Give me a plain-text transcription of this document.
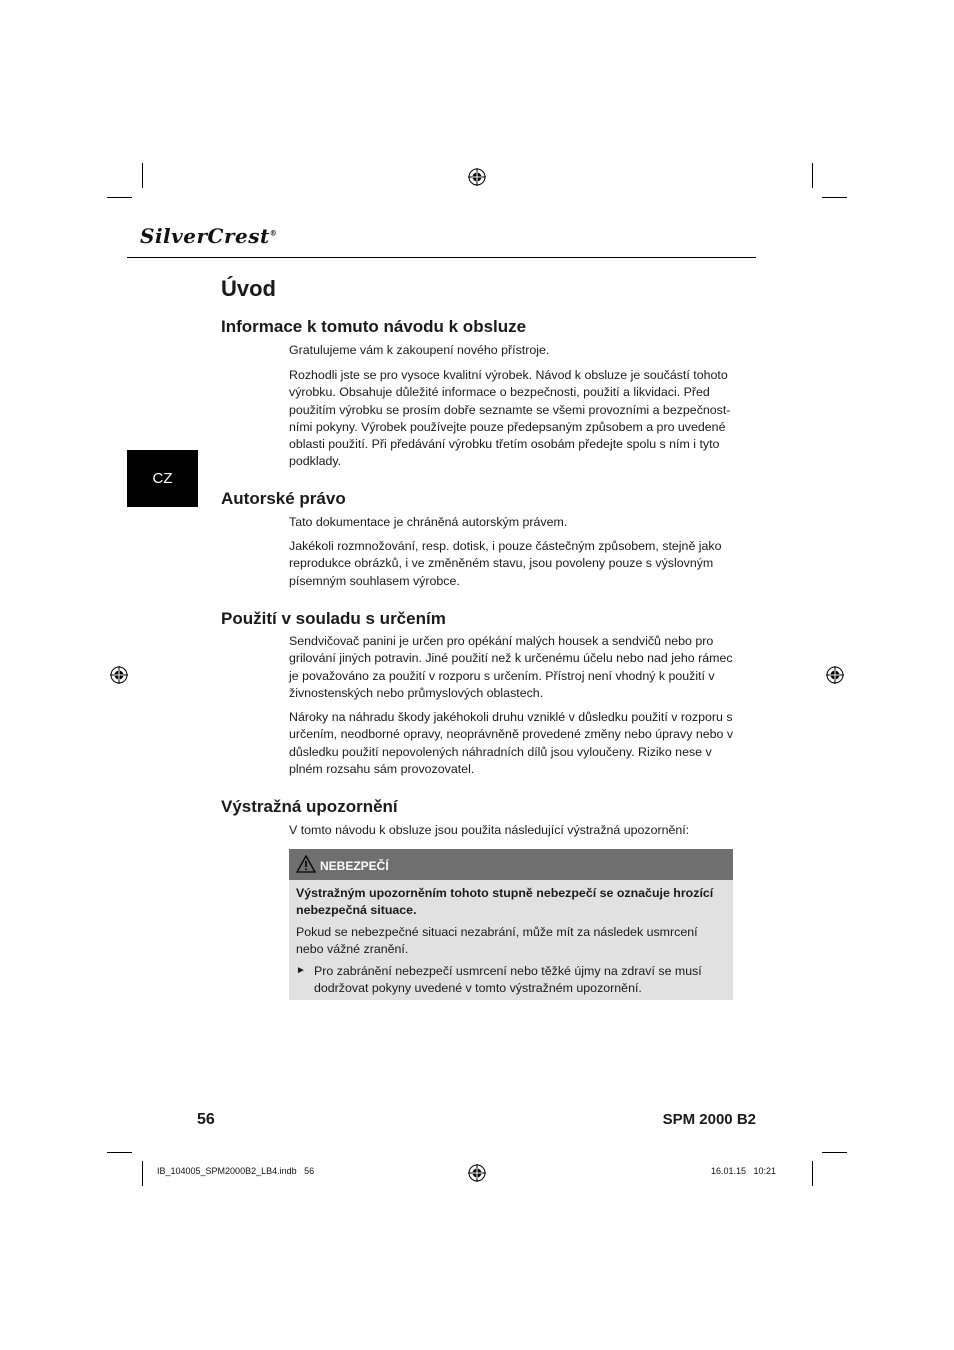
SilverCrest®
Úvod
CZ
Informace k tomuto návodu k obsluze

Gratulujeme vám k zakoupení nového přístroje.

Rozhodli jste se pro vysoce kvalitní výrobek. Návod k obsluze je součástí tohoto výrobku. Obsahuje důležité informace o bezpečnosti, použití a likvidaci. Před použitím výrobku se prosím dobře seznamte se všemi provozními a bezpečnost-ními pokyny. Výrobek používejte pouze předepsaným způsobem a pro uvedené oblasti použití. Při předávání výrobku třetím osobám předejte spolu s ním i tyto podklady.

Autorské právo

Tato dokumentace je chráněná autorským právem.

Jakékoli rozmnožování, resp. dotisk, i pouze částečným způsobem, stejně jako reprodukce obrázků, i ve změněném stavu, jsou povoleny pouze s výslovným písemným souhlasem výrobce.

Použití v souladu s určením

Sendvičovač panini je určen pro opékání malých housek a sendvičů nebo pro grilování jiných potravin. Jiné použití než k určenému účelu nebo nad jeho rámec je považováno za použití v rozporu s určením. Přístroj není vhodný k použití v živnostenských nebo průmyslových oblastech.

Nároky na náhradu škody jakéhokoli druhu vzniklé v důsledku použití v rozporu s určením, neodborné opravy, neoprávněně provedené změny nebo úpravy nebo v důsledku použití nepovolených náhradních dílů jsou vyloučeny. Riziko nese v plném rozsahu sám provozovatel.

Výstražná upozornění

V tomto návodu k obsluze jsou použita následující výstražná upozornění:

NEBEZPEČÍ

Výstražným upozorněním tohoto stupně nebezpečí se označuje hrozící nebezpečná situace.

Pokud se nebezpečné situaci nezabrání, může mít za následek usmrcení nebo vážné zranění.

► Pro zabránění nebezpečí usmrcení nebo těžké újmy na zdraví se musí dodržovat pokyny uvedené v tomto výstražném upozornění.

56	SPM 2000 B2
IB_104005_SPM2000B2_LB4.indb   56	16.01.15   10:21
